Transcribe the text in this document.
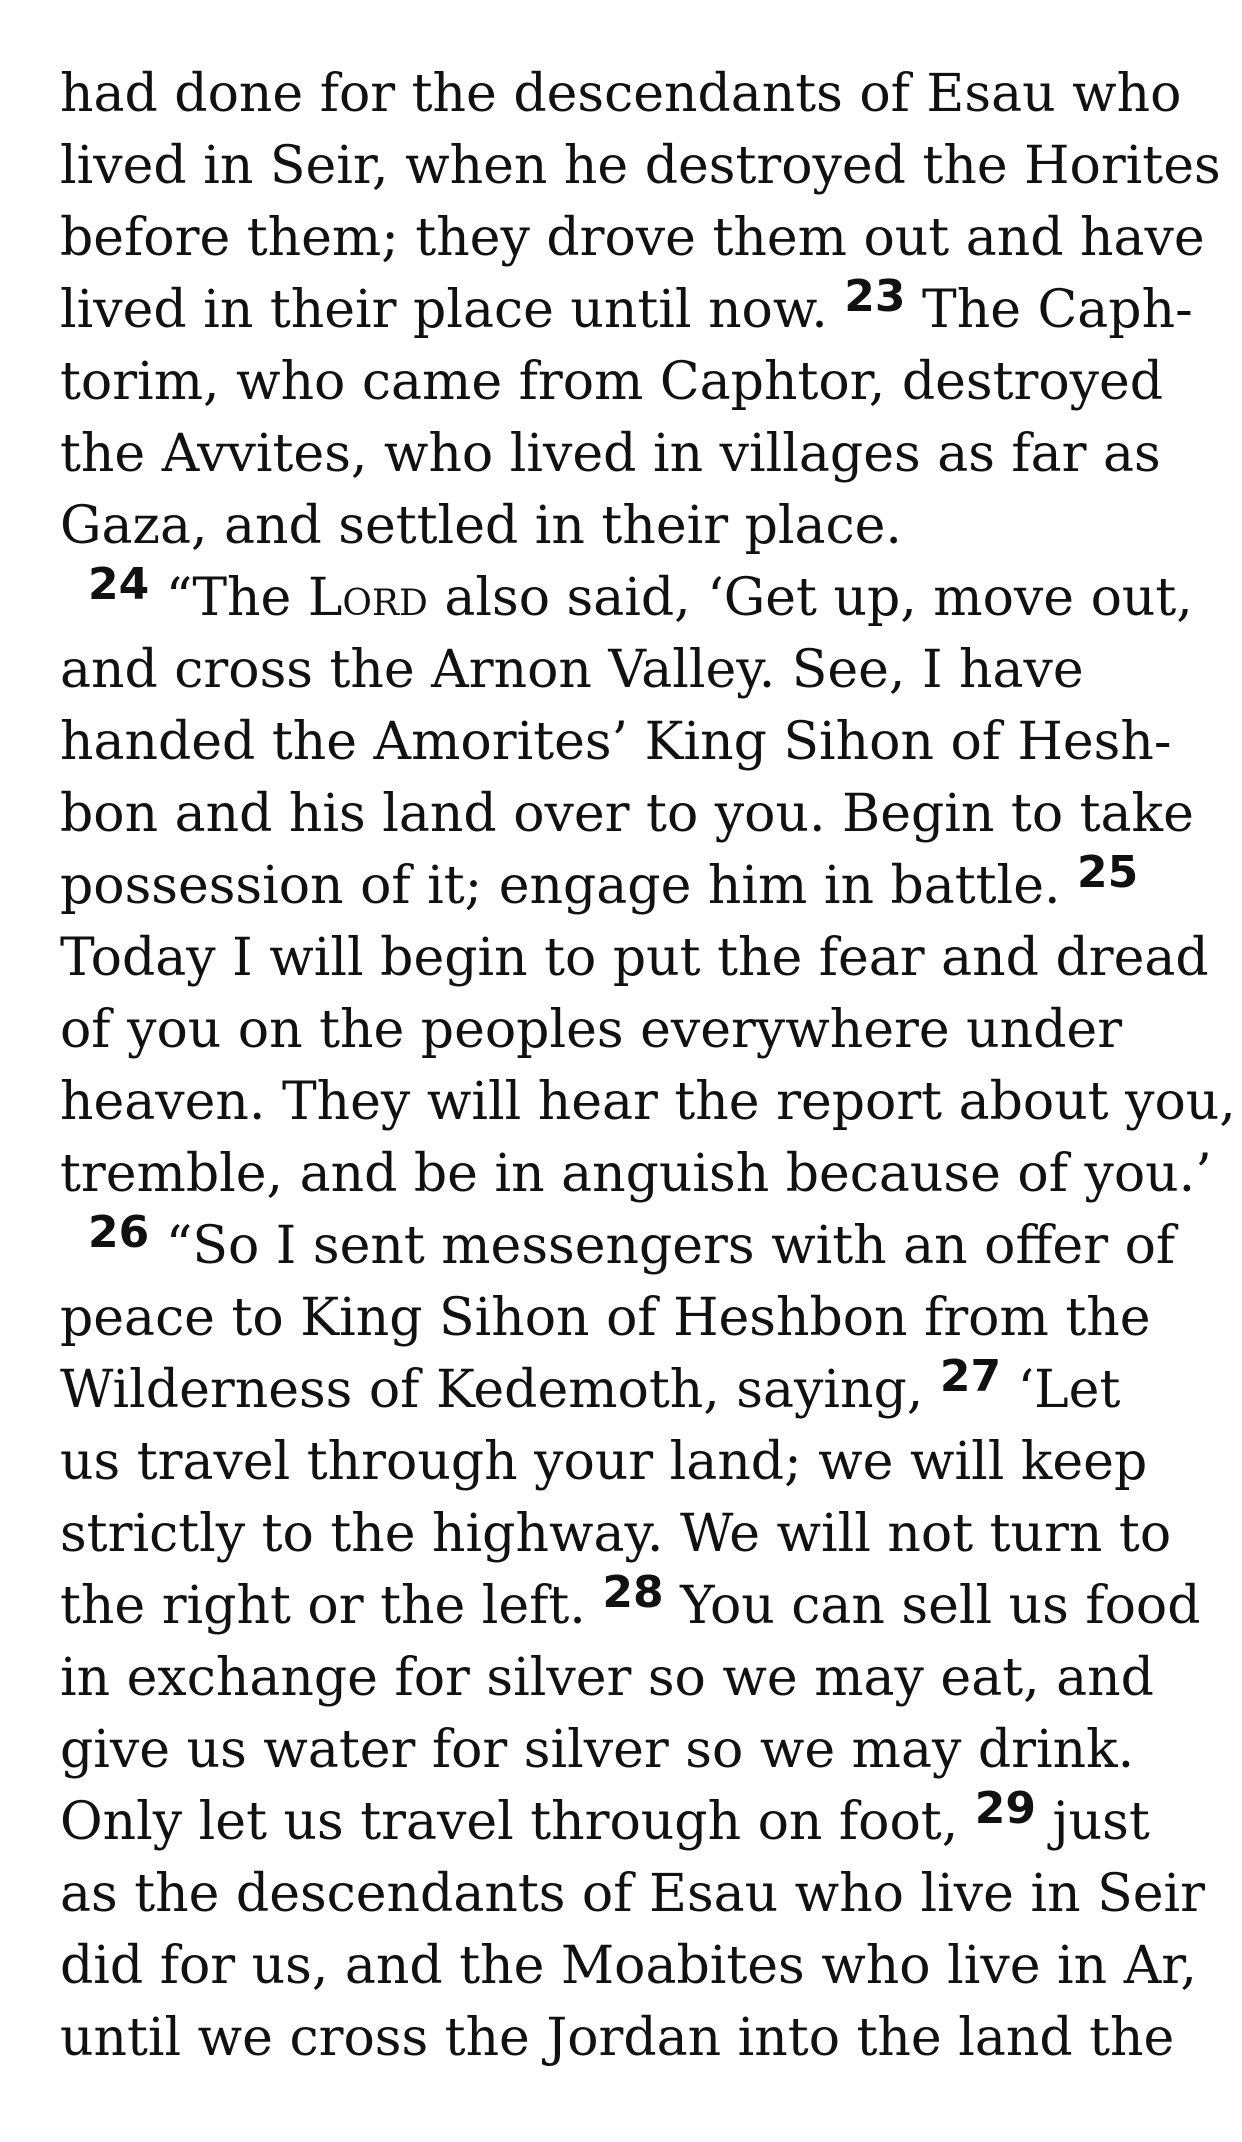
had done for the descendants of Esau who
lived in Seir, when he destroyed the Horites
before them; they drove them out and have
lived in their place until now. $^{23}$ The Caph-
torim, who came from Caphtor, destroyed
the Avvites, who lived in villages as far as
Gaza, and settled in their place.
$^{24}$ “The Lord also said, ‘Get up, move out,
and cross the Arnon Valley. See, I have
handed the Amorites’ King Sihon of Hesh-
bon and his land over to you. Begin to take
possession of it; engage him in battle. $^{25}$
Today I will begin to put the fear and dread
of you on the peoples everywhere under
heaven. They will hear the report about you,
tremble, and be in anguish because of you.’
$^{26}$ “So I sent messengers with an offer of
peace to King Sihon of Heshbon from the
Wilderness of Kedemoth, saying, $^{27}$ ‘Let
us travel through your land; we will keep
strictly to the highway. We will not turn to
the right or the left. $^{28}$ You can sell us food
in exchange for silver so we may eat, and
give us water for silver so we may drink.
Only let us travel through on foot, $^{29}$ just
as the descendants of Esau who live in Seir
did for us, and the Moabites who live in Ar,
until we cross the Jordan into the land the
